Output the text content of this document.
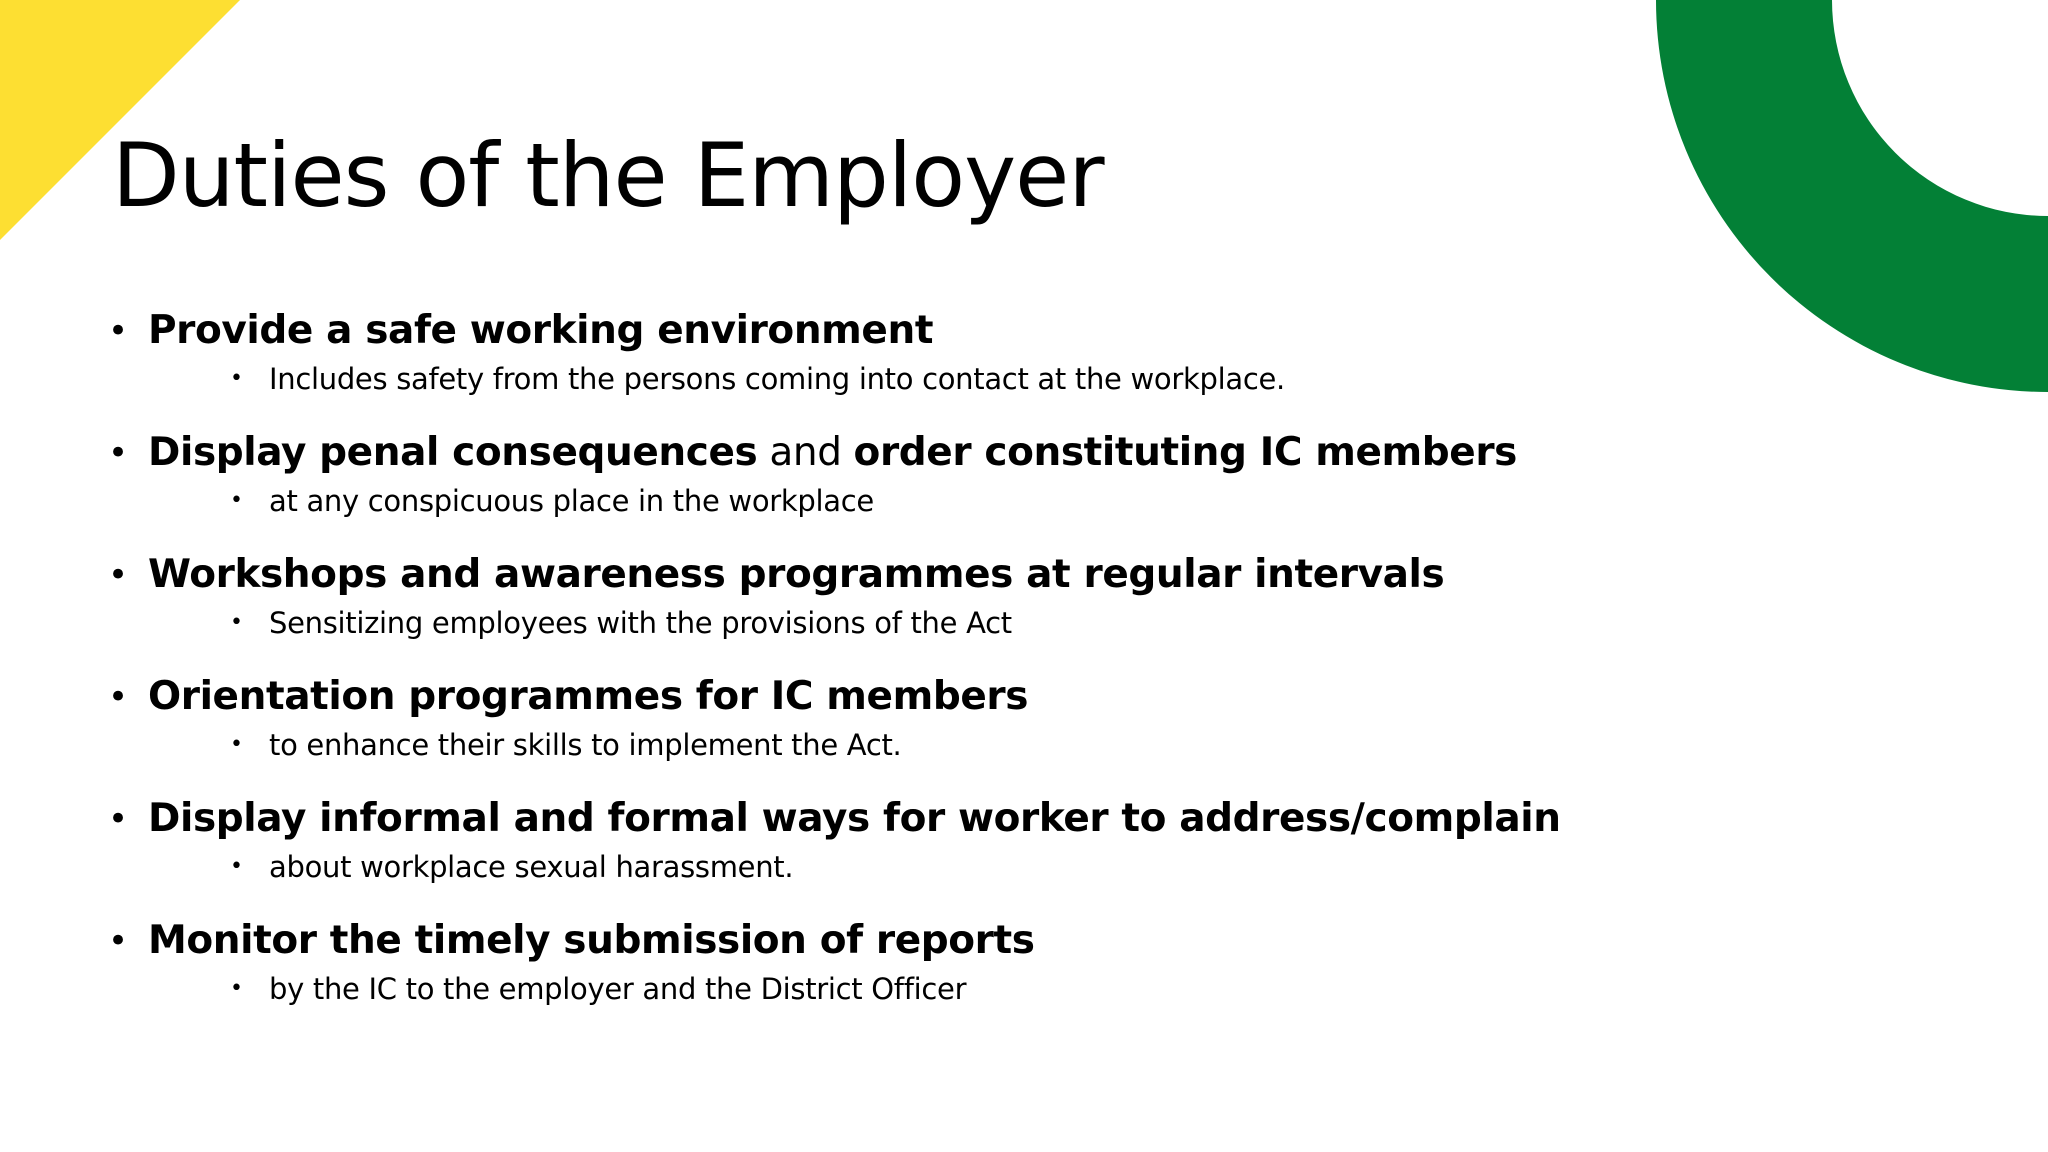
Duties of the Employer
• Provide a safe working environment
• Includes safety from the persons coming into contact at the workplace.
• Display penal consequences and order constituting IC members
• at any conspicuous place in the workplace
• Workshops and awareness programmes at regular intervals
• Sensitizing employees with the provisions of the Act
• Orientation programmes for IC members
• to enhance their skills to implement the Act.
• Display informal and formal ways for worker to address/complain
• about workplace sexual harassment.
• Monitor the timely submission of reports
• by the IC to the employer and the District Officer
